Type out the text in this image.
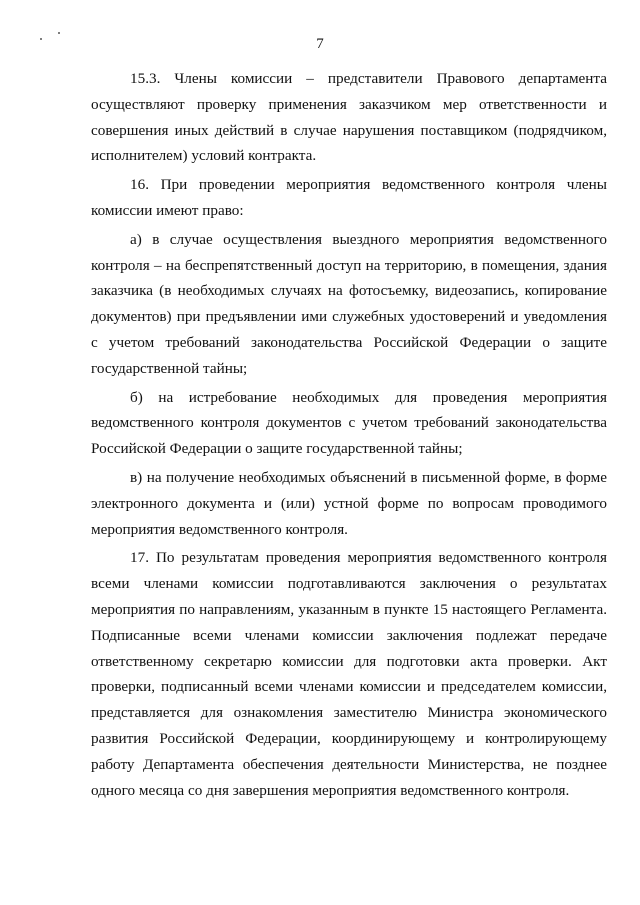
7

15.3. Члены комиссии – представители Правового департамента осуществляют проверку применения заказчиком мер ответственности и совершения иных действий в случае нарушения поставщиком (подрядчиком, исполнителем) условий контракта.

16. При проведении мероприятия ведомственного контроля члены комиссии имеют право:

а) в случае осуществления выездного мероприятия ведомственного контроля – на беспрепятственный доступ на территорию, в помещения, здания заказчика (в необходимых случаях на фотосъемку, видеозапись, копирование документов) при предъявлении ими служебных удостоверений и уведомления с учетом требований законодательства Российской Федерации о защите государственной тайны;

б) на истребование необходимых для проведения мероприятия ведомственного контроля документов с учетом требований законодательства Российской Федерации о защите государственной тайны;

в) на получение необходимых объяснений в письменной форме, в форме электронного документа и (или) устной форме по вопросам проводимого мероприятия ведомственного контроля.

17. По результатам проведения мероприятия ведомственного контроля всеми членами комиссии подготавливаются заключения о результатах мероприятия по направлениям, указанным в пункте 15 настоящего Регламента. Подписанные всеми членами комиссии заключения подлежат передаче ответственному секретарю комиссии для подготовки акта проверки. Акт проверки, подписанный всеми членами комиссии и председателем комиссии, представляется для ознакомления заместителю Министра экономического развития Российской Федерации, координирующему и контролирующему работу Департамента обеспечения деятельности Министерства, не позднее одного месяца со дня завершения мероприятия ведомственного контроля.
